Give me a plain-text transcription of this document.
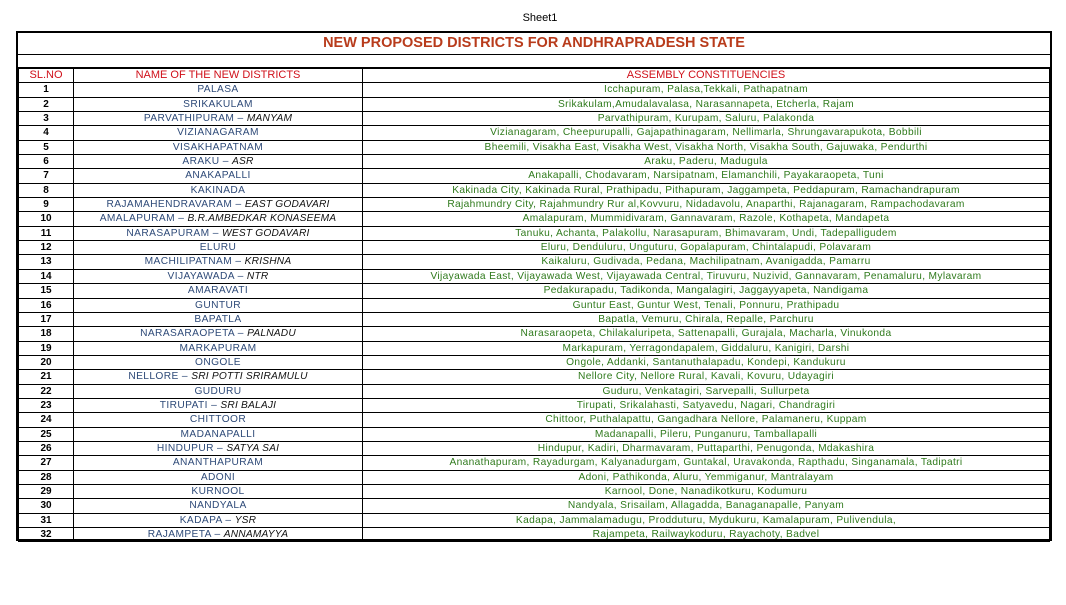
Sheet1
NEW PROPOSED DISTRICTS FOR ANDHRAPRADESH STATE
SL.NO	NAME OF THE NEW DISTRICTS	ASSEMBLY CONSTITUENCIES
1	PALASA	Icchapuram, Palasa,Tekkali, Pathapatnam
2	SRIKAKULAM	Srikakulam,Amudalavalasa, Narasannapeta, Etcherla, Rajam
3	PARVATHIPURAM – MANYAM	Parvathipuram, Kurupam, Saluru, Palakonda
4	VIZIANAGARAM	Vizianagaram, Cheepurupalli, Gajapathinagaram, Nellimarla, Shrungavarapukota, Bobbili
5	VISAKHAPATNAM	Bheemili, Visakha East, Visakha West, Visakha North, Visakha South, Gajuwaka, Pendurthi
6	ARAKU – ASR	Araku, Paderu, Madugula
7	ANAKAPALLI	Anakapalli, Chodavaram, Narsipatnam, Elamanchili, Payakaraopeta, Tuni
8	KAKINADA	Kakinada City, Kakinada Rural, Prathipadu, Pithapuram, Jaggampeta, Peddapuram, Ramachandrapuram
9	RAJAMAHENDRAVARAM – EAST GODAVARI	Rajahmundry City, Rajahmundry Rur al,Kovvuru, Nidadavolu, Anaparthi, Rajanagaram, Rampachodavaram
10	AMALAPURAM – B.R.AMBEDKAR KONASEEMA	Amalapuram, Mummidivaram, Gannavaram, Razole, Kothapeta, Mandapeta
11	NARASAPURAM – WEST GODAVARI	Tanuku, Achanta, Palakollu, Narasapuram, Bhimavaram, Undi, Tadepalligudem
12	ELURU	Eluru, Denduluru, Unguturu, Gopalapuram, Chintalapudi, Polavaram
13	MACHILIPATNAM – KRISHNA	Kaikaluru, Gudivada, Pedana, Machilipatnam, Avanigadda, Pamarru
14	VIJAYAWADA – NTR	Vijayawada East, Vijayawada West, Vijayawada Central, Tiruvuru, Nuzivid, Gannavaram, Penamaluru, Mylavaram
15	AMARAVATI	Pedakurapadu, Tadikonda, Mangalagiri, Jaggayyapeta, Nandigama
16	GUNTUR	Guntur East, Guntur West, Tenali, Ponnuru, Prathipadu
17	BAPATLA	Bapatla, Vemuru, Chirala, Repalle, Parchuru
18	NARASARAOPETA – PALNADU	Narasaraopeta, Chilakaluripeta, Sattenapalli, Gurajala, Macharla, Vinukonda
19	MARKAPURAM	Markapuram, Yerragondapalem, Giddaluru, Kanigiri, Darshi
20	ONGOLE	Ongole, Addanki, Santanuthalapadu, Kondepi, Kandukuru
21	NELLORE – SRI POTTI SRIRAMULU	Nellore City, Nellore Rural, Kavali, Kovuru, Udayagiri
22	GUDURU	Guduru, Venkatagiri, Sarvepalli, Sullurpeta
23	TIRUPATI – SRI BALAJI	Tirupati, Srikalahasti, Satyavedu, Nagari, Chandragiri
24	CHITTOOR	Chittoor, Puthalapattu, Gangadhara Nellore, Palamaneru, Kuppam
25	MADANAPALLI	Madanapalli, Pileru, Punganuru, Tamballapalli
26	HINDUPUR – SATYA SAI	Hindupur, Kadiri, Dharmavaram, Puttaparthi, Penugonda, Mdakashira
27	ANANTHAPURAM	Ananathapuram, Rayadurgam, Kalyanadurgam, Guntakal, Uravakonda, Rapthadu, Singanamala, Tadipatri
28	ADONI	Adoni, Pathikonda, Aluru, Yemmiganur, Mantralayam
29	KURNOOL	Karnool, Done, Nanadikotkuru, Kodumuru
30	NANDYALA	Nandyala, Srisailam, Allagadda, Banaganapalle, Panyam
31	KADAPA – YSR	Kadapa, Jammalamadugu, Prodduturu, Mydukuru, Kamalapuram, Pulivendula,
32	RAJAMPETA – ANNAMAYYA	Rajampeta, Railwaykoduru, Rayachoty, Badvel
